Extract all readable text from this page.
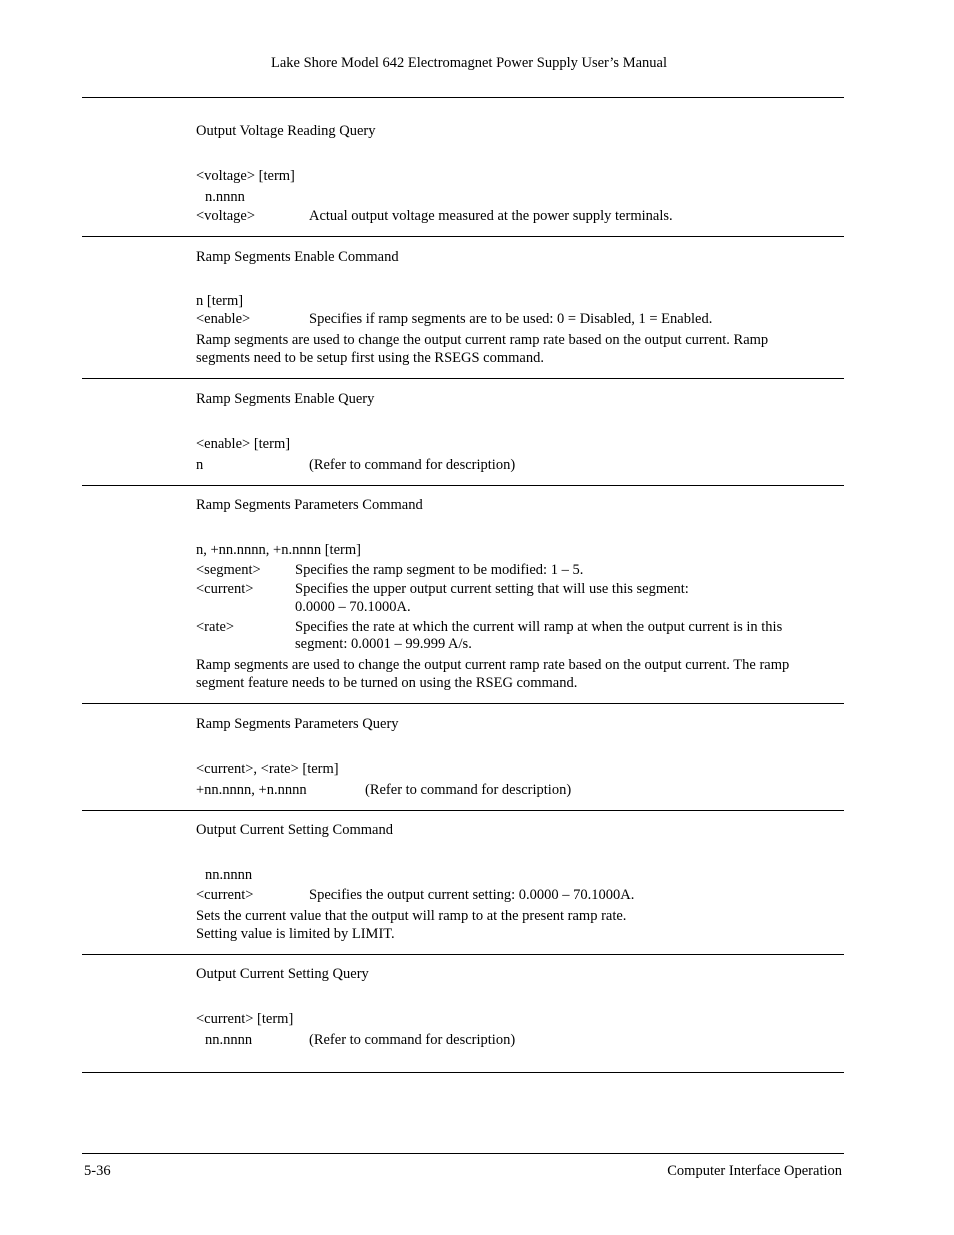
Lake Shore Model 642 Electromagnet Power Supply User’s Manual
Output Voltage Reading Query
<voltage> [term]
n.nnnn
<voltage>	Actual output voltage measured at the power supply terminals.
Ramp Segments Enable Command
n [term]
<enable>	Specifies if ramp segments are to be used: 0 = Disabled, 1 = Enabled.
Ramp segments are used to change the output current ramp rate based on the output current. Ramp
segments need to be setup first using the RSEGS command.
Ramp Segments Enable Query
<enable> [term]
n	(Refer to command for description)
Ramp Segments Parameters Command
n, +nn.nnnn, +n.nnnn [term]
<segment> Specifies the ramp segment to be modified: 1 – 5.
<current>	Specifies the upper output current setting that will use this segment:
0.0000 – 70.1000A.
<rate>	Specifies the rate at which the current will ramp at when the output current is in this
segment: 0.0001 – 99.999 A/s.
Ramp segments are used to change the output current ramp rate based on the output current. The ramp
segment feature needs to be turned on using the RSEG command.
Ramp Segments Parameters Query
<current>, <rate> [term]
+nn.nnnn, +n.nnnn	(Refer to command for description)
Output Current Setting Command
nn.nnnn
<current>	Specifies the output current setting: 0.0000 – 70.1000A.
Sets the current value that the output will ramp to at the present ramp rate.
Setting value is limited by LIMIT.
Output Current Setting Query
<current> [term]
nn.nnnn	(Refer to command for description)
5-36	Computer Interface Operation
